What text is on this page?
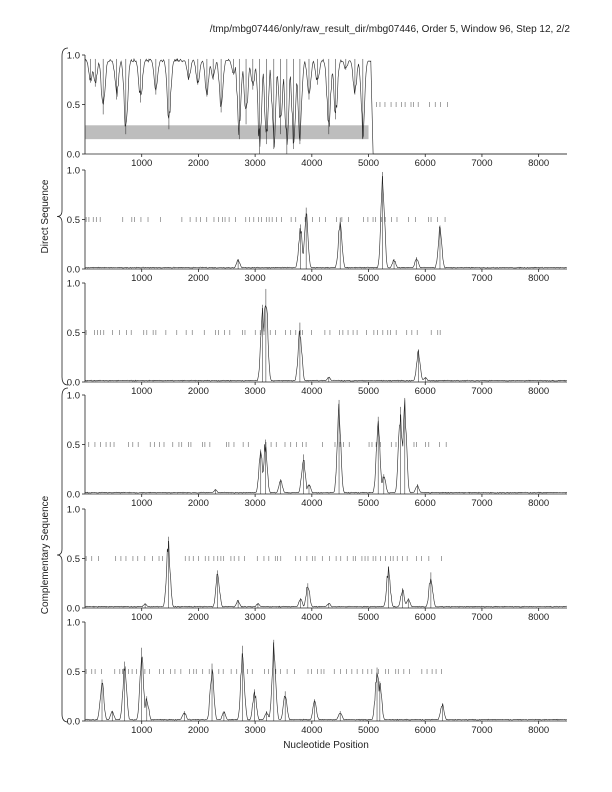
/tmp/mbg07446/only/raw_result_dir/mbg07446, Order 5, Window 96, Step 12, 2/2
0.0
0.5
1.0
1000	2000	3000	4000	5000	6000	7000	8000
0.0
0.5
1.0
1000	2000	3000	4000	5000	6000	7000	8000
0.0
0.5
1.0
1000	2000	3000	4000	5000	6000	7000	8000
0.0
0.5
1.0
1000	2000	3000	4000	5000	6000	7000	8000
0.0
0.5
1.0
1000	2000	3000	4000	5000	6000	7000	8000
0.0
0.5
1.0
1000	2000	3000	4000	5000	6000	7000	8000
Direct Sequence
Complementary Sequence
Nucleotide Position
